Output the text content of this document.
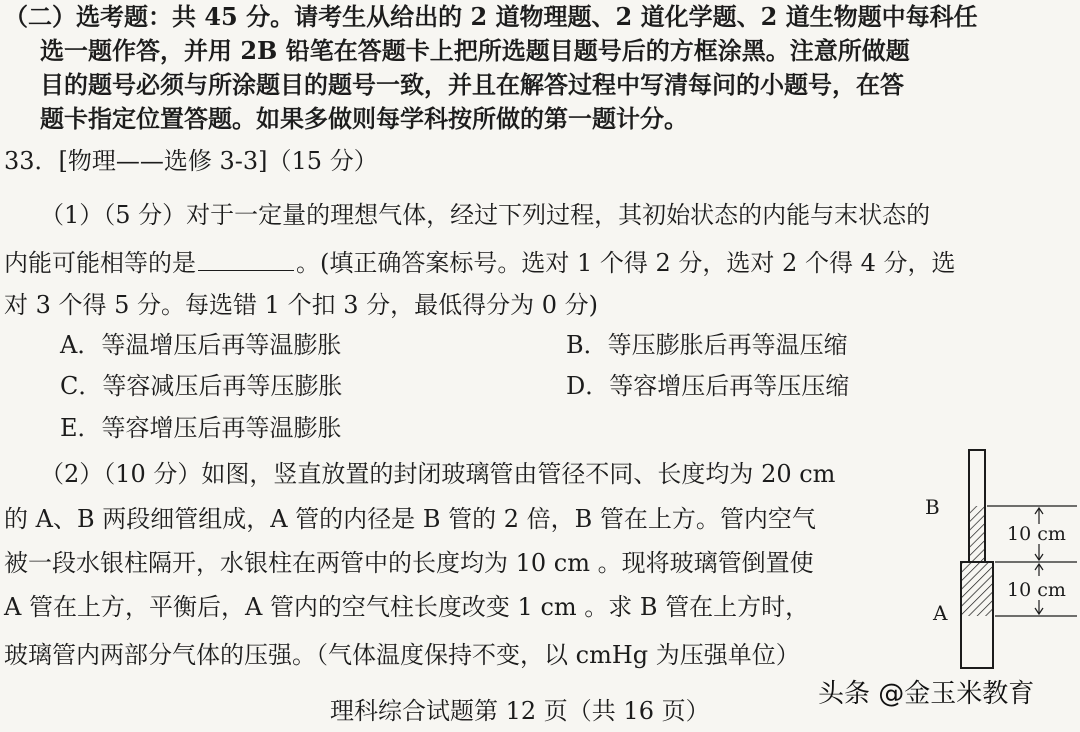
（二）选考题：共 45 分。请考生从给出的 2 道物理题、2 道化学题、2 道生物题中每科任
选一题作答，并用 2B 铅笔在答题卡上把所选题目题号后的方框涂黑。注意所做题
目的题号必须与所涂题目的题号一致，并且在解答过程中写清每问的小题号，在答
题卡指定位置答题。如果多做则每学科按所做的第一题计分。
33．[物理——选修 3-3]（15 分）
（1）（5 分）对于一定量的理想气体，经过下列过程，其初始状态的内能与末状态的
内能可能相等的是	。(填正确答案标号。选对 1 个得 2 分，选对 2 个得 4 分，选
对 3 个得 5 分。每选错 1 个扣 3 分，最低得分为 0 分)
A．等温增压后再等温膨胀	B．等压膨胀后再等温压缩
C．等容减压后再等压膨胀	D．等容增压后再等压压缩
E．等容增压后再等温膨胀
（2）（10 分）如图，竖直放置的封闭玻璃管由管径不同、长度均为 20 cm
的 A、B 两段细管组成，A 管的内径是 B 管的 2 倍，B 管在上方。管内空气
被一段水银柱隔开，水银柱在两管中的长度均为 10 cm 。现将玻璃管倒置使
A 管在上方，平衡后，A 管内的空气柱长度改变 1 cm 。求 B 管在上方时，
玻璃管内两部分气体的压强。（气体温度保持不变，以 cmHg 为压强单位）
B
A
10 cm
10 cm
理科综合试题第 12 页（共 16 页）
头条 @金玉米教育
